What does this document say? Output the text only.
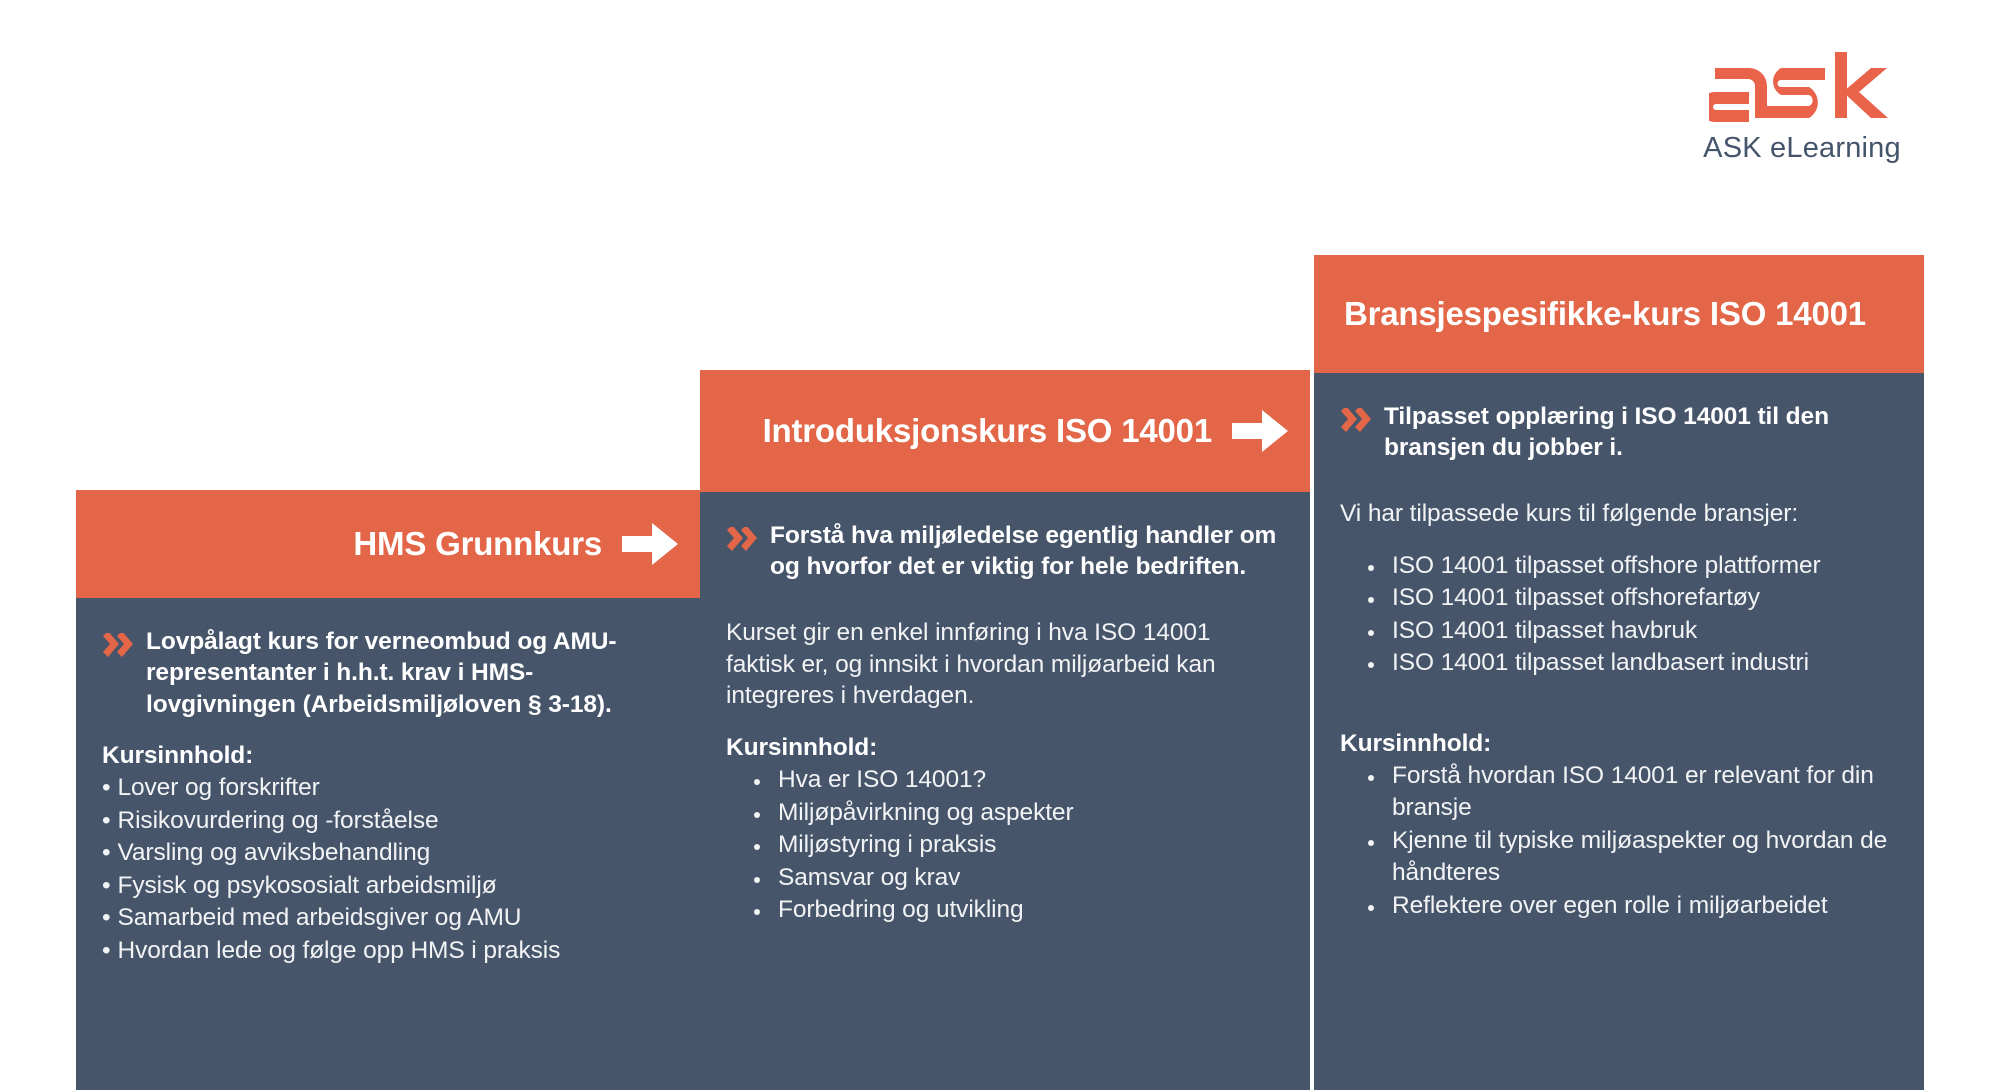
ASK eLearning
HMS Grunnkurs
Lovpålagt kurs for verneombud og AMU-representanter i h.h.t. krav i HMS-lovgivningen (Arbeidsmiljøloven § 3-18).
Kursinnhold:
• Lover og forskrifter
• Risikovurdering og -forståelse
• Varsling og avviksbehandling
• Fysisk og psykososialt arbeidsmiljø
• Samarbeid med arbeidsgiver og AMU
• Hvordan lede og følge opp HMS i praksis
Introduksjonskurs ISO 14001
Forstå hva miljøledelse egentlig handler om og hvorfor det er viktig for hele bedriften.
Kurset gir en enkel innføring i hva ISO 14001 faktisk er, og innsikt i hvordan miljøarbeid kan integreres i hverdagen.
Kursinnhold:
• Hva er ISO 14001?
• Miljøpåvirkning og aspekter
• Miljøstyring i praksis
• Samsvar og krav
• Forbedring og utvikling
Bransjespesifikke-kurs ISO 14001
Tilpasset opplæring i ISO 14001 til den bransjen du jobber i.
Vi har tilpassede kurs til følgende bransjer:
• ISO 14001 tilpasset offshore plattformer
• ISO 14001 tilpasset offshorefartøy
• ISO 14001 tilpasset havbruk
• ISO 14001 tilpasset landbasert industri
Kursinnhold:
• Forstå hvordan ISO 14001 er relevant for din bransje
• Kjenne til typiske miljøaspekter og hvordan de håndteres
• Reflektere over egen rolle i miljøarbeidet
